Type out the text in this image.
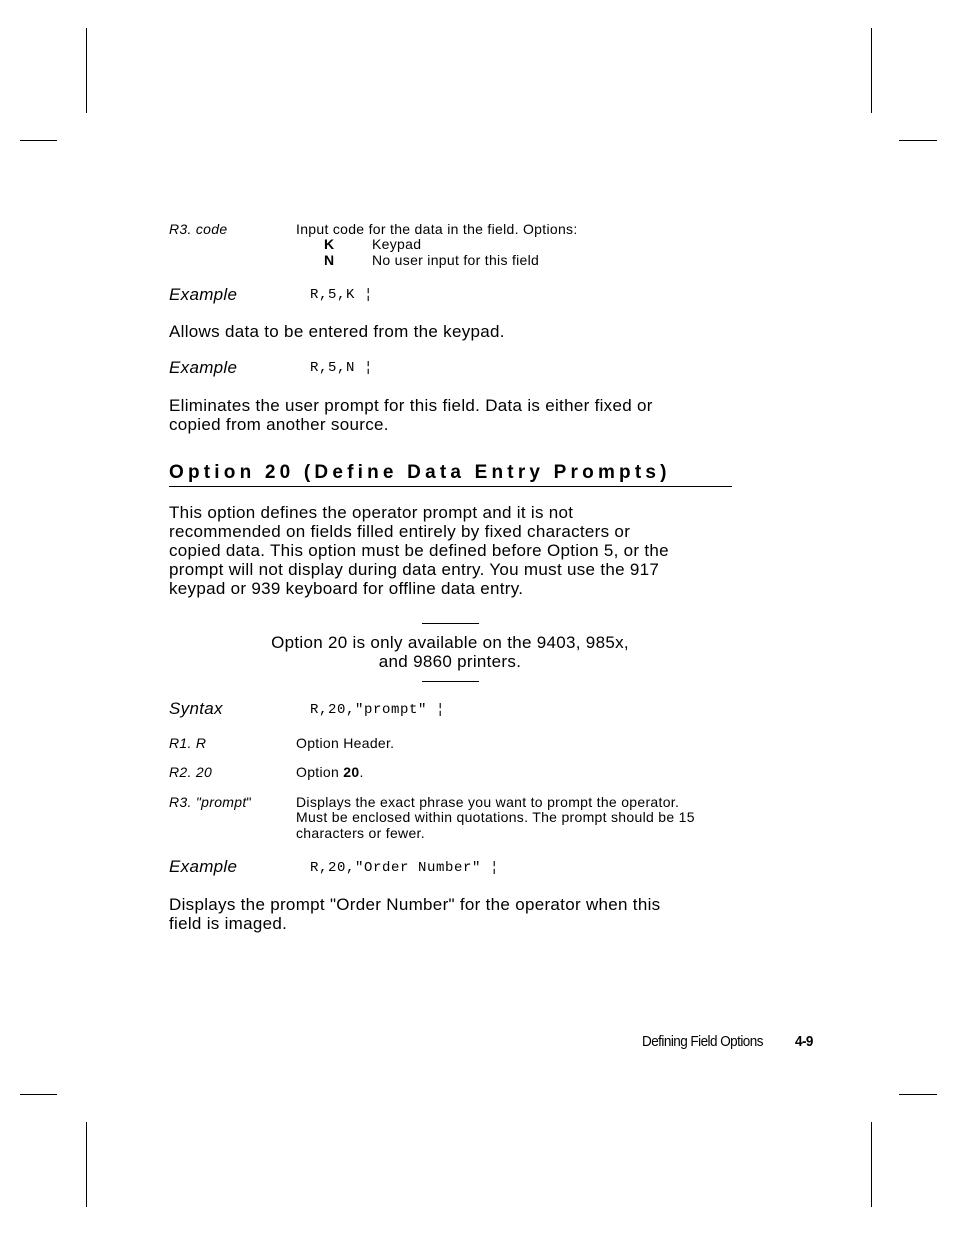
R3. code	Input code for the data in the field. Options:
K	Keypad
N	No user input for this field
Example	R,5,K ¦
Allows data to be entered from the keypad.
Example	R,5,N ¦
Eliminates the user prompt for this field. Data is either fixed or
copied from another source.
Option 20 (Define Data Entry Prompts)
This option defines the operator prompt and it is not
recommended on fields filled entirely by fixed characters or
copied data. This option must be defined before Option 5, or the
prompt will not display during data entry. You must use the 917
keypad or 939 keyboard for offline data entry.
Option 20 is only available on the 9403, 985x,
and 9860 printers.
Syntax	R,20,"prompt" ¦
R1. R	Option Header.
R2. 20	Option 20.
R3. "prompt"	Displays the exact phrase you want to prompt the operator.
Must be enclosed within quotations. The prompt should be 15
characters or fewer.
Example	R,20,"Order Number" ¦
Displays the prompt "Order Number" for the operator when this
field is imaged.
Defining Field Options 4-9
